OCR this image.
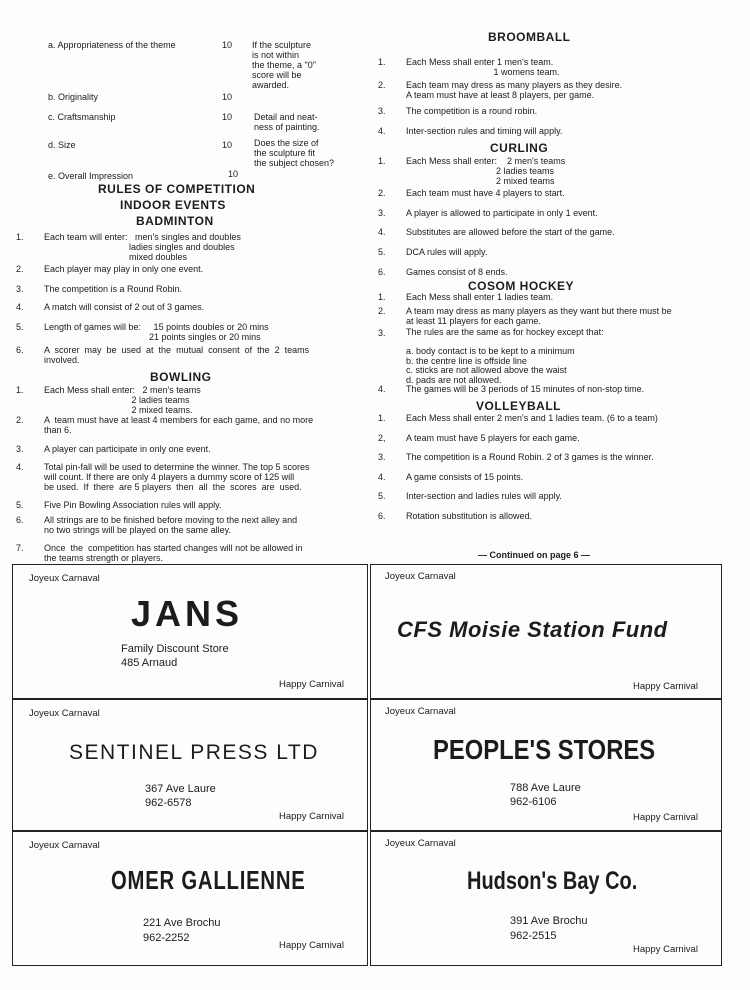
a. Appropriateness of the theme	10 If the sculpture
is not within
the theme, a "0"
score will be
awarded.
b. Originality	10
c. Craftsmanship	10 Detail and neat-
ness of painting.
d. Size	10 Does the size of
the sculpture fit
the subject chosen?
e. Overall Impression	10
RULES OF COMPETITION
INDOOR EVENTS
BADMINTON
1. Each team will enter:   men's singles and doubles
ladies singles and doubles
mixed doubles
2. Each player may play in only one event.
3. The competition is a Round Robin.
4. A match will consist of 2 out of 3 games.
5. Length of games will be:     15 points doubles or 20 mins
21 points singles or 20 mins
6. A  scorer  may  be  used  at  the  mutual  consent  of  the  2  teams
involved.
BOWLING
1. Each Mess shall enter:   2 men's teams
2 ladies teams
2 mixed teams.
2. A  team must have at least 4 members for each game, and no more
than 6.
3. A player can participate in only one event.
4. Total pin-fall will be used to determine the winner. The top 5 scores
will count. If there are only 4 players a dummy score of 125 will
be used.  If  there  are 5 players  then  all  the  scores  are  used.
5. Five Pin Bowling Association rules will apply.
6. All strings are to be finished before moving to the next alley and
no two strings will be played on the same alley.
7. Once  the  competition has started changes will not be allowed in
the teams strength or players.
BROOMBALL
1. Each Mess shall enter 1 men's team.
1 womens team.
2. Each team may dress as many players as they desire.
A team must have at least 8 players, per game.
3. The competition is a round robin.
4. Inter-section rules and timing will apply.
CURLING
1. Each Mess shall enter:    2 men's teams
2 ladies teams
2 mixed teams
2. Each team must have 4 players to start.
3. A player is allowed to participate in only 1 event.
4. Substitutes are allowed before the start of the game.
5. DCA rules will apply.
6. Games consist of 8 ends.
COSOM HOCKEY
1. Each Mess shall enter 1 ladies team.
2. A team may dress as many players as they want but there must be
at least 11 players for each game.
3. The rules are the same as for hockey except that:

a. body contact is to be kept to a minimum
b. the centre line is offside line
c. sticks are not allowed above the waist
d. pads are not allowed.
4. The games will be 3 periods of 15 minutes of non-stop time.
VOLLEYBALL
1. Each Mess shall enter 2 men's and 1 ladies team. (6 to a team)
2, A team must have 5 players for each game.
3. The competition is a Round Robin. 2 of 3 games is the winner.
4. A game consists of 15 points.
5. Inter-section and ladies rules will apply.
6. Rotation substitution is allowed.
— Continued on page 6 —
Joyeux Carnaval
JANS
Family Discount Store
485 Arnaud
Happy Carnival
Joyeux Carnaval
CFS Moisie Station Fund
Happy Carnival
Joyeux Carnaval
SENTINEL PRESS LTD
367 Ave Laure
962-6578
Happy Carnival
Joyeux Carnaval
PEOPLE'S STORES
788 Ave Laure
962-6106
Happy Carnival
Joyeux Carnaval
OMER GALLIENNE
221 Ave Brochu
962-2252
Happy Carnival
Joyeux Carnaval
Hudson's Bay Co.
391 Ave Brochu
962-2515
Happy Carnival
